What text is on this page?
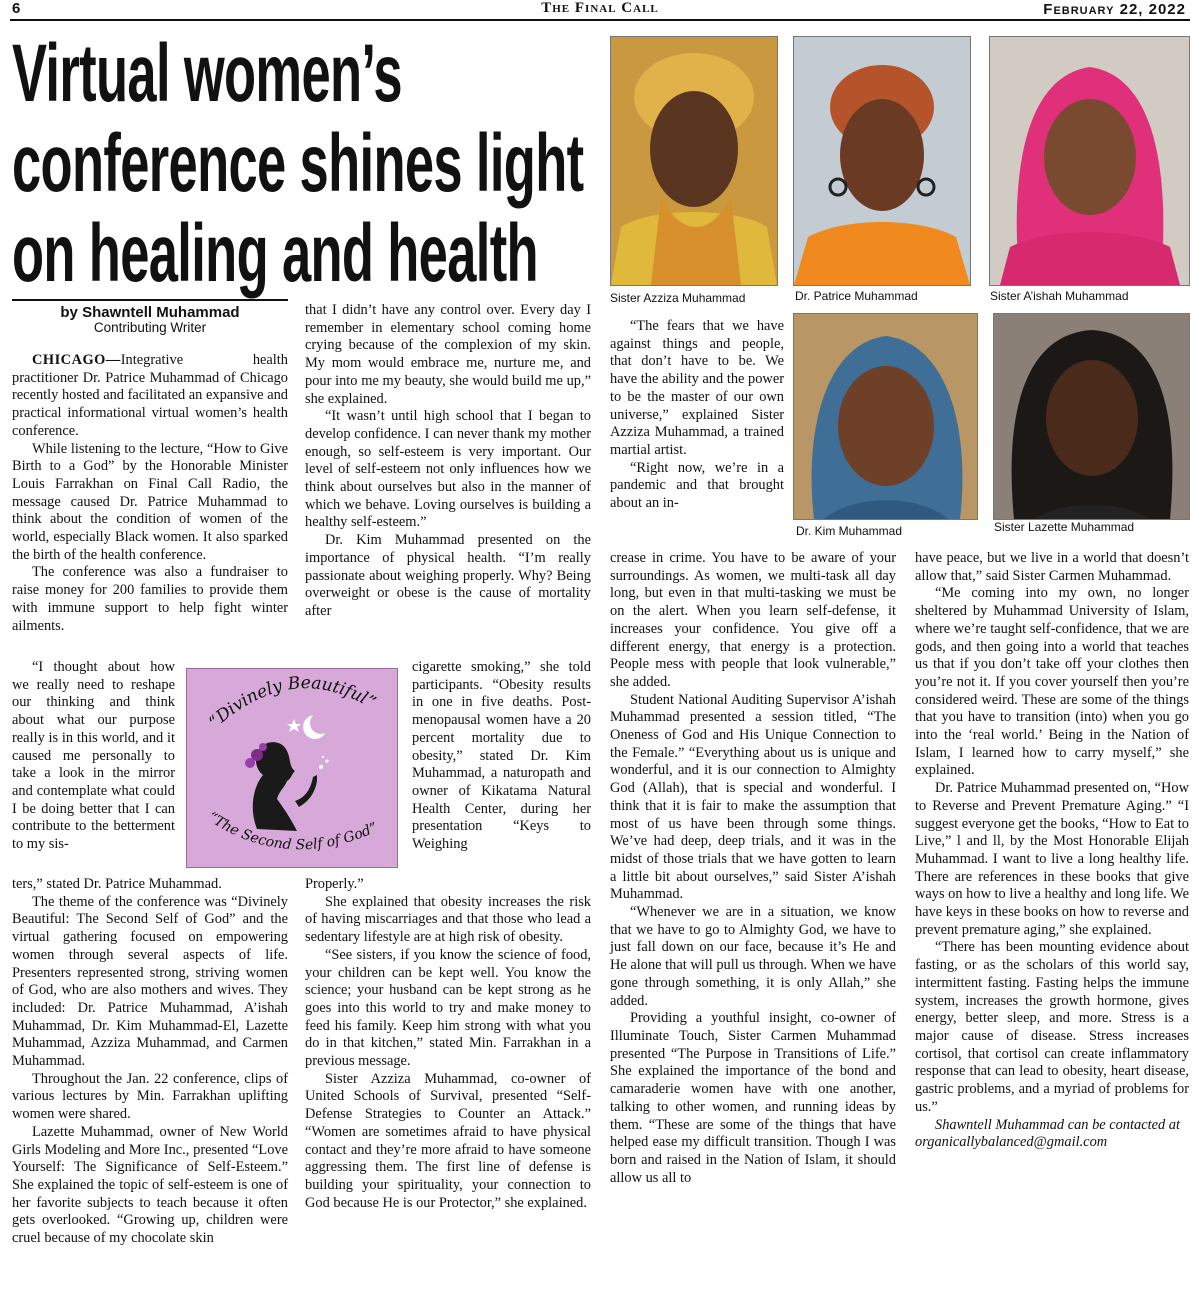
6	The Final Call	February 22, 2022
Virtual women’s
conference shines light
on healing and health
by Shawntell Muhammad
Contributing Writer

CHICAGO—Integrative health practitioner Dr. Patrice Muhammad of Chicago recently hosted and facilitated an expansive and practical informational virtual women’s health conference.

While listening to the lecture, “How to Give Birth to a God” by the Honorable Minister Louis Farrakhan on Final Call Radio, the message caused Dr. Patrice Muhammad to think about the condition of women of the world, especially Black women. It also sparked the birth of the health conference.

The conference was also a fundraiser to raise money for 200 families to provide them with immune support to help fight winter ailments.

“I thought about how we really need to reshape our thinking and think about what our purpose really is in this world, and it caused me personally to take a look in the mirror and contemplate what could I be doing better that I can contribute to the betterment to my sis-

ters,” stated Dr. Patrice Muhammad.

The theme of the conference was “Divinely Beautiful: The Second Self of God” and the virtual gathering focused on empowering women through several aspects of life. Presenters represented strong, striving women of God, who are also mothers and wives. They included: Dr. Patrice Muhammad, A’ishah Muhammad, Dr. Kim Muhammad-El, Lazette Muhammad, Azziza Muhammad, and Carmen Muhammad.

Throughout the Jan. 22 conference, clips of various lectures by Min. Farrakhan uplifting women were shared.

Lazette Muhammad, owner of New World Girls Modeling and More Inc., presented “Love Yourself: The Significance of Self-Esteem.” She explained the topic of self-esteem is one of her favorite subjects to teach because it often gets overlooked. “Growing up, children were cruel because of my chocolate skin

“Divinely Beautiful”
“The Second Self of God”

that I didn’t have any control over. Every day I remember in elementary school coming home crying because of the complexion of my skin. My mom would embrace me, nurture me, and pour into me my beauty, she would build me up,” she explained.

“It wasn’t until high school that I began to develop confidence. I can never thank my mother enough, so self-esteem is very important. Our level of self-esteem not only influences how we think about ourselves but also in the manner of which we behave. Loving ourselves is building a healthy self-esteem.”

Dr. Kim Muhammad presented on the importance of physical health. “I’m really passionate about weighing properly. Why? Being overweight or obese is the cause of mortality after

cigarette smoking,” she told participants. “Obesity results in one in five deaths. Post-menopausal women have a 20 percent mortality due to obesity,” stated Dr. Kim Muhammad, a naturopath and owner of Kikatama Natural Health Center, during her presentation “Keys to Weighing

Properly.”

She explained that obesity increases the risk of having miscarriages and that those who lead a sedentary lifestyle are at high risk of obesity.

“See sisters, if you know the science of food, your children can be kept well. You know the science; your husband can be kept strong as he goes into this world to try and make money to feed his family. Keep him strong with what you do in that kitchen,” stated Min. Farrakhan in a previous message.

Sister Azziza Muhammad, co-owner of United Schools of Survival, presented “Self-Defense Strategies to Counter an Attack.” “Women are sometimes afraid to have physical contact and they’re more afraid to have someone aggressing them. The first line of defense is building your spirituality, your connection to God because He is our Protector,” she explained.

Sister Azziza Muhammad	Dr. Patrice Muhammad	Sister A’ishah Muhammad
Dr. Kim Muhammad	Sister Lazette Muhammad

“The fears that we have against things and people, that don’t have to be. We have the ability and the power to be the master of our own universe,” explained Sister Azziza Muhammad, a trained martial artist.

“Right now, we’re in a pandemic and that brought about an in-

crease in crime. You have to be aware of your surroundings. As women, we multi-task all day long, but even in that multi-tasking we must be on the alert. When you learn self-defense, it increases your confidence. You give off a different energy, that energy is a protection. People mess with people that look vulnerable,” she added.

Student National Auditing Supervisor A’ishah Muhammad presented a session titled, “The Oneness of God and His Unique Connection to the Female.” “Everything about us is unique and wonderful, and it is our connection to Almighty God (Allah), that is special and wonderful. I think that it is fair to make the assumption that most of us have been through some things. We’ve had deep, deep trials, and it was in the midst of those trials that we have gotten to learn a little bit about ourselves,” said Sister A’ishah Muhammad.

“Whenever we are in a situation, we know that we have to go to Almighty God, we have to just fall down on our face, because it’s He and He alone that will pull us through. When we have gone through something, it is only Allah,” she added.

Providing a youthful insight, co-owner of Illuminate Touch, Sister Carmen Muhammad presented “The Purpose in Transitions of Life.” She explained the importance of the bond and camaraderie women have with one another, talking to other women, and running ideas by them. “These are some of the things that have helped ease my difficult transition. Though I was born and raised in the Nation of Islam, it should allow us all to

have peace, but we live in a world that doesn’t allow that,” said Sister Carmen Muhammad.

“Me coming into my own, no longer sheltered by Muhammad University of Islam, where we’re taught self-confidence, that we are gods, and then going into a world that teaches us that if you don’t take off your clothes then you’re not it. If you cover yourself then you’re considered weird. These are some of the things that you have to transition (into) when you go into the ‘real world.’ Being in the Nation of Islam, I learned how to carry myself,” she explained.

Dr. Patrice Muhammad presented on, “How to Reverse and Prevent Premature Aging.” “I suggest everyone get the books, “How to Eat to Live,” l and ll, by the Most Honorable Elijah Muhammad. I want to live a long healthy life. There are references in these books that give ways on how to live a healthy and long life. We have keys in these books on how to reverse and prevent premature aging,” she explained.

“There has been mounting evidence about fasting, or as the scholars of this world say, intermittent fasting. Fasting helps the immune system, increases the growth hormone, gives energy, better sleep, and more. Stress is a major cause of disease. Stress increases cortisol, that cortisol can create inflammatory response that can lead to obesity, heart disease, gastric problems, and a myriad of problems for us.”

Shawntell Muhammad can be contacted at organicallybalanced@gmail.com
